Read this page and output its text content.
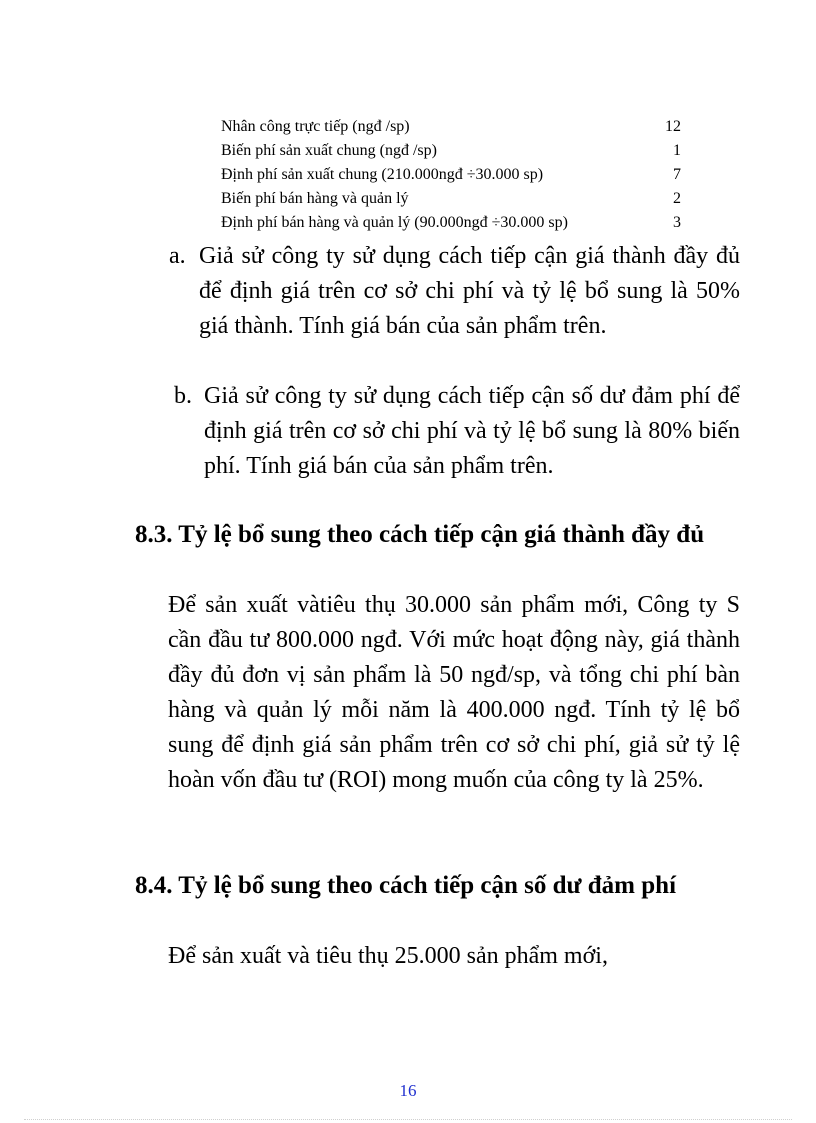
Nhân công trực tiếp (ngđ /sp)	12
Biến phí sản xuất chung (ngđ /sp)	1
Định phí sản xuất chung (210.000ngđ ÷30.000 sp)	7
Biến phí bán hàng và quản lý	2
Định phí bán hàng và quản lý (90.000ngđ ÷30.000 sp)	3
a. Giả sử công ty sử dụng cách tiếp cận giá thành đầy đủ để định giá trên cơ sở chi phí và tỷ lệ bổ sung là 50% giá thành. Tính giá bán của sản phẩm trên.
b. Giả sử công ty sử dụng cách tiếp cận số dư đảm phí để định giá trên cơ sở chi phí và tỷ lệ bổ sung là 80% biến phí. Tính giá bán của sản phẩm trên.
8.3. Tỷ lệ bổ sung theo cách tiếp cận giá thành đầy đủ
Để sản xuất vàtiêu thụ 30.000 sản phẩm mới, Công ty S cần đầu tư 800.000 ngđ. Với mức hoạt động này, giá thành đầy đủ đơn vị sản phẩm là 50 ngđ/sp, và tổng chi phí bàn hàng và quản lý mỗi năm là 400.000 ngđ. Tính tỷ lệ bổ sung để định giá sản phẩm trên cơ sở chi phí, giả sử tỷ lệ hoàn vốn đầu tư (ROI) mong muốn của công ty là 25%.
8.4. Tỷ lệ bổ sung theo cách tiếp cận số dư đảm phí
Để sản xuất và tiêu thụ 25.000 sản phẩm mới,
16
